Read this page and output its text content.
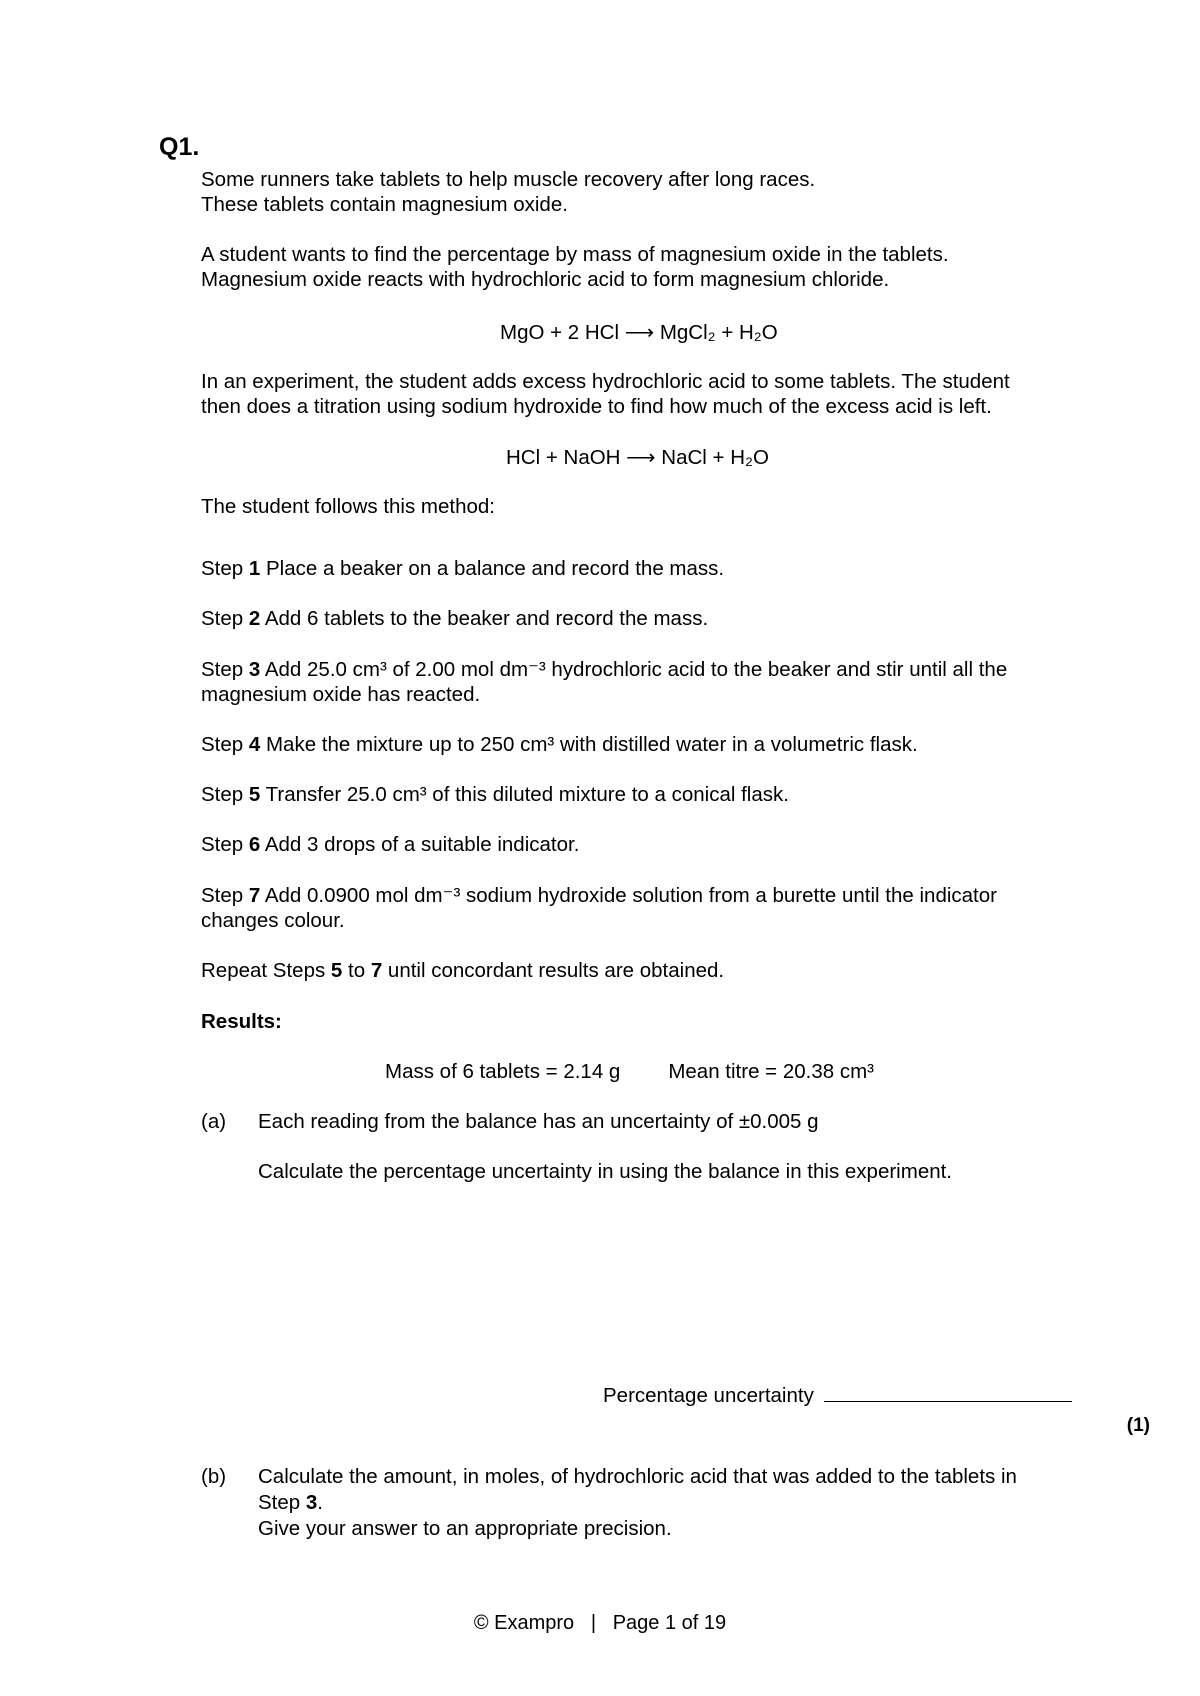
Q1.
Some runners take tablets to help muscle recovery after long races.
These tablets contain magnesium oxide.
A student wants to find the percentage by mass of magnesium oxide in the tablets.
Magnesium oxide reacts with hydrochloric acid to form magnesium chloride.
MgO + 2 HCl ⟶ MgCl₂ + H₂O
In an experiment, the student adds excess hydrochloric acid to some tablets. The student
then does a titration using sodium hydroxide to find how much of the excess acid is left.
HCl + NaOH ⟶ NaCl + H₂O
The student follows this method:
Step 1 Place a beaker on a balance and record the mass.
Step 2 Add 6 tablets to the beaker and record the mass.
Step 3 Add 25.0 cm³ of 2.00 mol dm⁻³ hydrochloric acid to the beaker and stir until all the
magnesium oxide has reacted.
Step 4 Make the mixture up to 250 cm³ with distilled water in a volumetric flask.
Step 5 Transfer 25.0 cm³ of this diluted mixture to a conical flask.
Step 6 Add 3 drops of a suitable indicator.
Step 7 Add 0.0900 mol dm⁻³ sodium hydroxide solution from a burette until the indicator
changes colour.
Repeat Steps 5 to 7 until concordant results are obtained.
Results:
Mass of 6 tablets = 2.14 g Mean titre = 20.38 cm³
(a) Each reading from the balance has an uncertainty of ±0.005 g
Calculate the percentage uncertainty in using the balance in this experiment.
Percentage uncertainty
(1)
(b) Calculate the amount, in moles, of hydrochloric acid that was added to the tablets in
Step 3.
Give your answer to an appropriate precision.
© Exampro   |   Page 1 of 19
